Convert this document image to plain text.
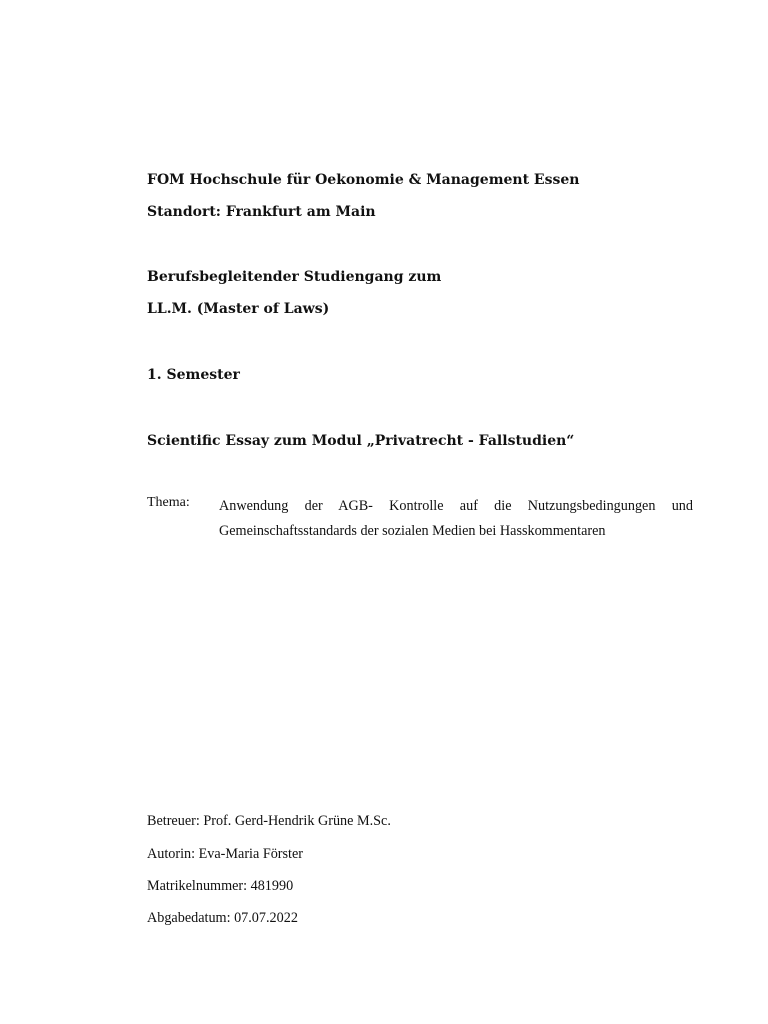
FOM Hochschule für Oekonomie & Management Essen
Standort: Frankfurt am Main
Berufsbegleitender Studiengang zum
LL.M. (Master of Laws)
1. Semester
Scientific Essay zum Modul „Privatrecht - Fallstudien“
Thema: Anwendung der AGB- Kontrolle auf die Nutzungsbedingungen und
Gemeinschaftsstandards der sozialen Medien bei Hasskommentaren
Betreuer: Prof. Gerd-Hendrik Grüne M.Sc.
Autorin: Eva-Maria Förster
Matrikelnummer: 481990
Abgabedatum: 07.07.2022
